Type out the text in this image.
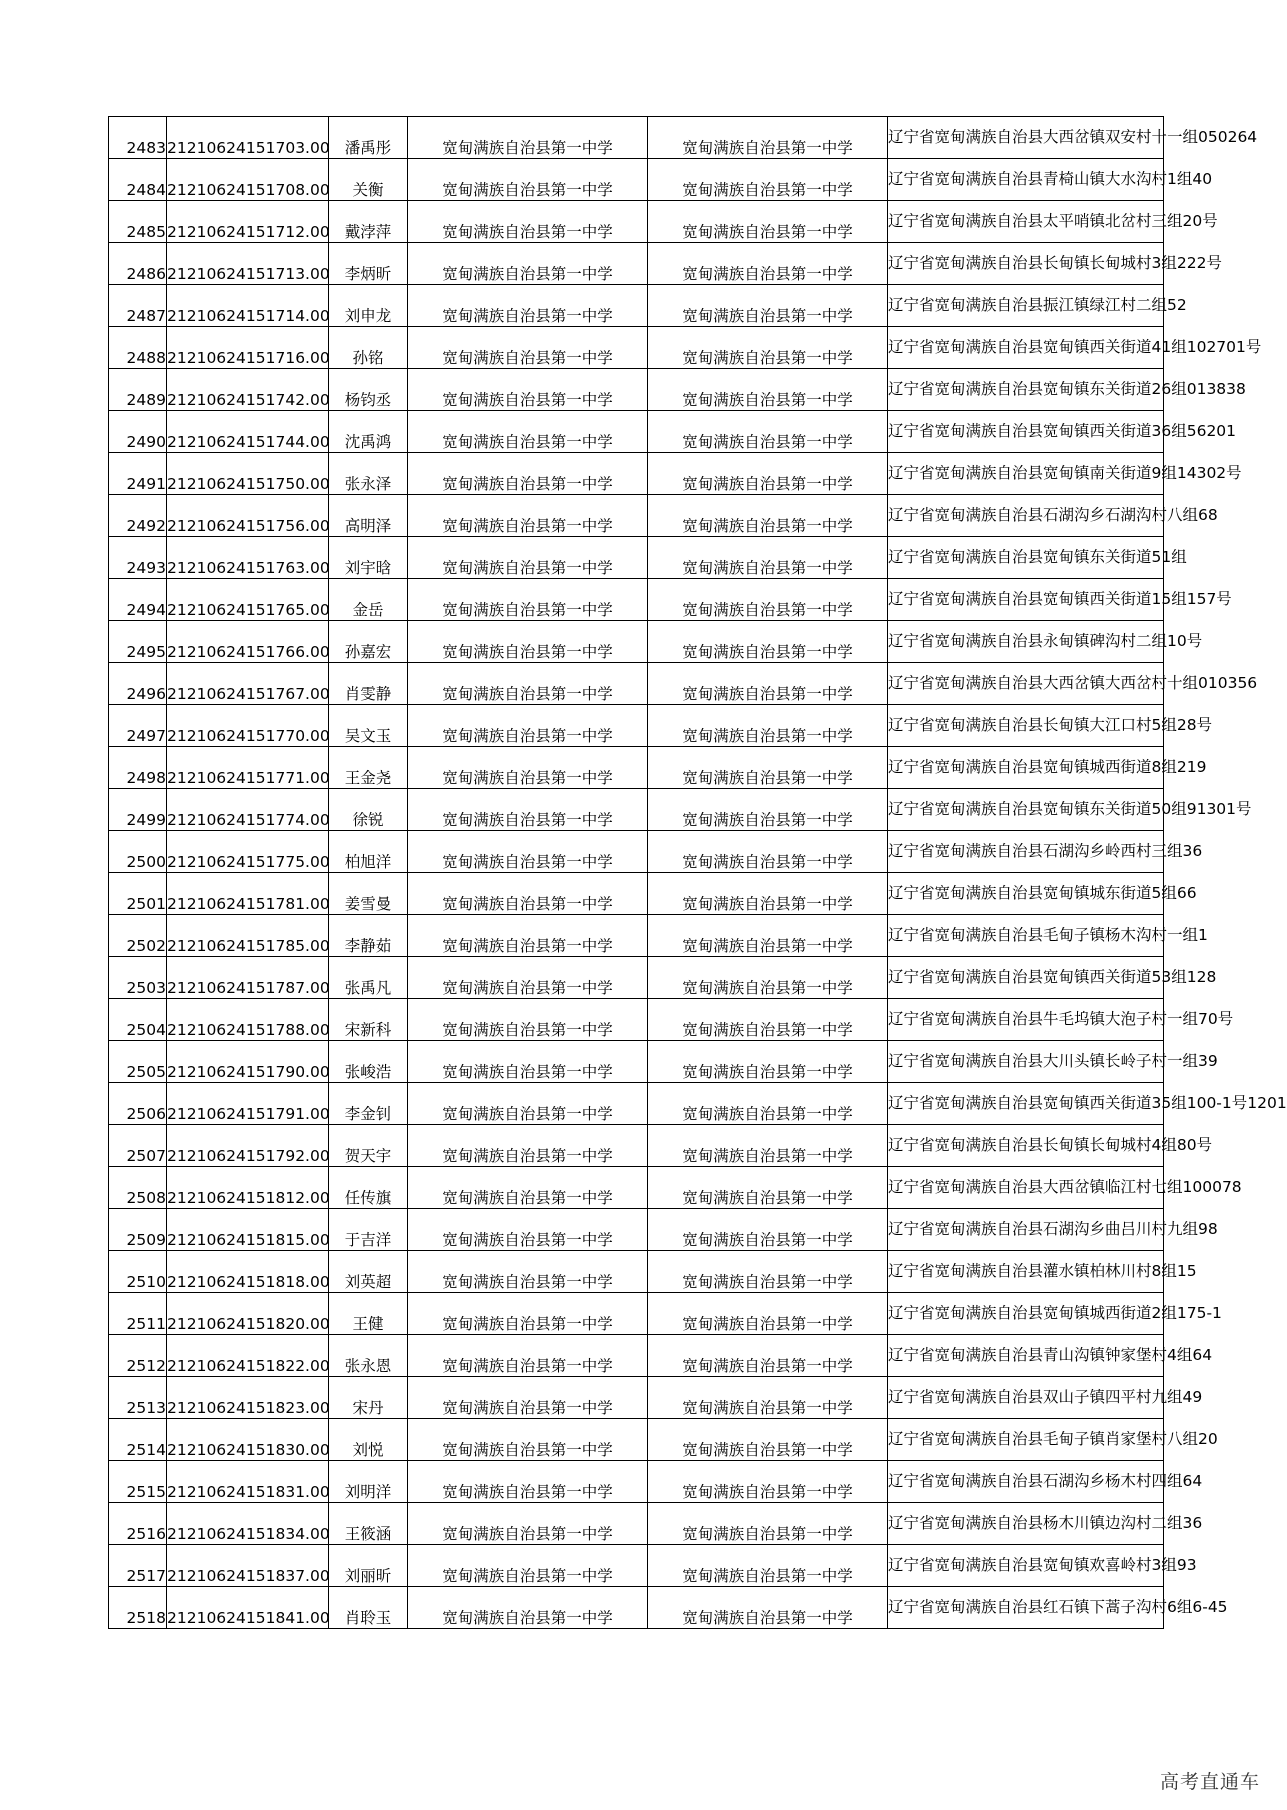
2483	21210624151703.00	潘禹彤	宽甸满族自治县第一中学	宽甸满族自治县第一中学	辽宁省宽甸满族自治县大西岔镇双安村十一组050264
2484	21210624151708.00	关衡	宽甸满族自治县第一中学	宽甸满族自治县第一中学	辽宁省宽甸满族自治县青椅山镇大水沟村1组40
2485	21210624151712.00	戴浡萍	宽甸满族自治县第一中学	宽甸满族自治县第一中学	辽宁省宽甸满族自治县太平哨镇北岔村三组20号
2486	21210624151713.00	李炳昕	宽甸满族自治县第一中学	宽甸满族自治县第一中学	辽宁省宽甸满族自治县长甸镇长甸城村3组222号
2487	21210624151714.00	刘申龙	宽甸满族自治县第一中学	宽甸满族自治县第一中学	辽宁省宽甸满族自治县振江镇绿江村二组52
2488	21210624151716.00	孙铭	宽甸满族自治县第一中学	宽甸满族自治县第一中学	辽宁省宽甸满族自治县宽甸镇西关街道41组102701号
2489	21210624151742.00	杨钧丞	宽甸满族自治县第一中学	宽甸满族自治县第一中学	辽宁省宽甸满族自治县宽甸镇东关街道26组013838
2490	21210624151744.00	沈禹鸿	宽甸满族自治县第一中学	宽甸满族自治县第一中学	辽宁省宽甸满族自治县宽甸镇西关街道36组56201
2491	21210624151750.00	张永泽	宽甸满族自治县第一中学	宽甸满族自治县第一中学	辽宁省宽甸满族自治县宽甸镇南关街道9组14302号
2492	21210624151756.00	高明泽	宽甸满族自治县第一中学	宽甸满族自治县第一中学	辽宁省宽甸满族自治县石湖沟乡石湖沟村八组68
2493	21210624151763.00	刘宇晗	宽甸满族自治县第一中学	宽甸满族自治县第一中学	辽宁省宽甸满族自治县宽甸镇东关街道51组
2494	21210624151765.00	金岳	宽甸满族自治县第一中学	宽甸满族自治县第一中学	辽宁省宽甸满族自治县宽甸镇西关街道15组157号
2495	21210624151766.00	孙嘉宏	宽甸满族自治县第一中学	宽甸满族自治县第一中学	辽宁省宽甸满族自治县永甸镇碑沟村二组10号
2496	21210624151767.00	肖雯静	宽甸满族自治县第一中学	宽甸满族自治县第一中学	辽宁省宽甸满族自治县大西岔镇大西岔村十组010356
2497	21210624151770.00	吴文玉	宽甸满族自治县第一中学	宽甸满族自治县第一中学	辽宁省宽甸满族自治县长甸镇大江口村5组28号
2498	21210624151771.00	王金尧	宽甸满族自治县第一中学	宽甸满族自治县第一中学	辽宁省宽甸满族自治县宽甸镇城西街道8组219
2499	21210624151774.00	徐锐	宽甸满族自治县第一中学	宽甸满族自治县第一中学	辽宁省宽甸满族自治县宽甸镇东关街道50组91301号
2500	21210624151775.00	柏旭洋	宽甸满族自治县第一中学	宽甸满族自治县第一中学	辽宁省宽甸满族自治县石湖沟乡岭西村三组36
2501	21210624151781.00	姜雪曼	宽甸满族自治县第一中学	宽甸满族自治县第一中学	辽宁省宽甸满族自治县宽甸镇城东街道5组66
2502	21210624151785.00	李静茹	宽甸满族自治县第一中学	宽甸满族自治县第一中学	辽宁省宽甸满族自治县毛甸子镇杨木沟村一组1
2503	21210624151787.00	张禹凡	宽甸满族自治县第一中学	宽甸满族自治县第一中学	辽宁省宽甸满族自治县宽甸镇西关街道53组128
2504	21210624151788.00	宋新科	宽甸满族自治县第一中学	宽甸满族自治县第一中学	辽宁省宽甸满族自治县牛毛坞镇大泡子村一组70号
2505	21210624151790.00	张峻浩	宽甸满族自治县第一中学	宽甸满族自治县第一中学	辽宁省宽甸满族自治县大川头镇长岭子村一组39
2506	21210624151791.00	李金钊	宽甸满族自治县第一中学	宽甸满族自治县第一中学	辽宁省宽甸满族自治县宽甸镇西关街道35组100-1号1201
2507	21210624151792.00	贺天宇	宽甸满族自治县第一中学	宽甸满族自治县第一中学	辽宁省宽甸满族自治县长甸镇长甸城村4组80号
2508	21210624151812.00	任传旗	宽甸满族自治县第一中学	宽甸满族自治县第一中学	辽宁省宽甸满族自治县大西岔镇临江村七组100078
2509	21210624151815.00	于吉洋	宽甸满族自治县第一中学	宽甸满族自治县第一中学	辽宁省宽甸满族自治县石湖沟乡曲吕川村九组98
2510	21210624151818.00	刘英超	宽甸满族自治县第一中学	宽甸满族自治县第一中学	辽宁省宽甸满族自治县灌水镇柏林川村8组15
2511	21210624151820.00	王健	宽甸满族自治县第一中学	宽甸满族自治县第一中学	辽宁省宽甸满族自治县宽甸镇城西街道2组175-1
2512	21210624151822.00	张永恩	宽甸满族自治县第一中学	宽甸满族自治县第一中学	辽宁省宽甸满族自治县青山沟镇钟家堡村4组64
2513	21210624151823.00	宋丹	宽甸满族自治县第一中学	宽甸满族自治县第一中学	辽宁省宽甸满族自治县双山子镇四平村九组49
2514	21210624151830.00	刘悦	宽甸满族自治县第一中学	宽甸满族自治县第一中学	辽宁省宽甸满族自治县毛甸子镇肖家堡村八组20
2515	21210624151831.00	刘明洋	宽甸满族自治县第一中学	宽甸满族自治县第一中学	辽宁省宽甸满族自治县石湖沟乡杨木村四组64
2516	21210624151834.00	王筱涵	宽甸满族自治县第一中学	宽甸满族自治县第一中学	辽宁省宽甸满族自治县杨木川镇边沟村二组36
2517	21210624151837.00	刘丽昕	宽甸满族自治县第一中学	宽甸满族自治县第一中学	辽宁省宽甸满族自治县宽甸镇欢喜岭村3组93
2518	21210624151841.00	肖聆玉	宽甸满族自治县第一中学	宽甸满族自治县第一中学	辽宁省宽甸满族自治县红石镇下蒿子沟村6组6-45
高考直通车
